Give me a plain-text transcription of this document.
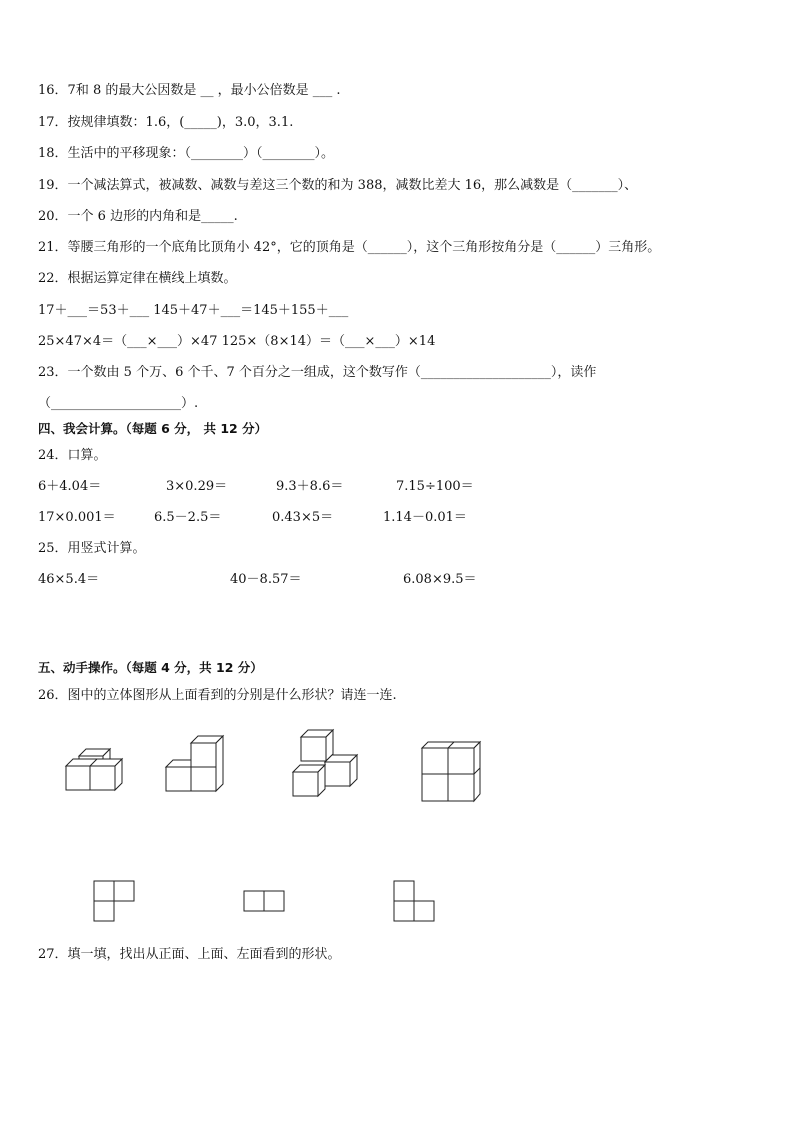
16．7和 8 的最大公因数是 __ ，最小公倍数是 ___ .
17．按规律填数：1.6，(_____)，3.0，3.1.
18．生活中的平移现象：（________）（________）。
19．一个减法算式，被减数、减数与差这三个数的和为 388，减数比差大 16，那么减数是（_______）、
20．一个 6 边形的内角和是_____.
21．等腰三角形的一个底角比顶角小 42°，它的顶角是（______），这个三角形按角分是（______）三角形。
22．根据运算定律在横线上填数。
17＋___＝53＋___ 145＋47＋___＝145＋155＋___
25×47×4＝（___×___）×47 125×（8×14）＝（___×___）×14
23．一个数由 5 个万、6 个千、7 个百分之一组成，这个数写作（____________________），读作
（____________________）.
四、我会计算。（每题 6 分， 共 12 分）
24．口算。
6＋4.04＝	3×0.29＝	9.3＋8.6＝	7.15÷100＝
17×0.001＝	6.5－2.5＝	0.43×5＝	1.14－0.01＝
25．用竖式计算。
46×5.4＝	40－8.57＝	6.08×9.5＝
五、动手操作。（每题 4 分，共 12 分）
26．图中的立体图形从上面看到的分别是什么形状？请连一连.
27．填一填，找出从正面、上面、左面看到的形状。
